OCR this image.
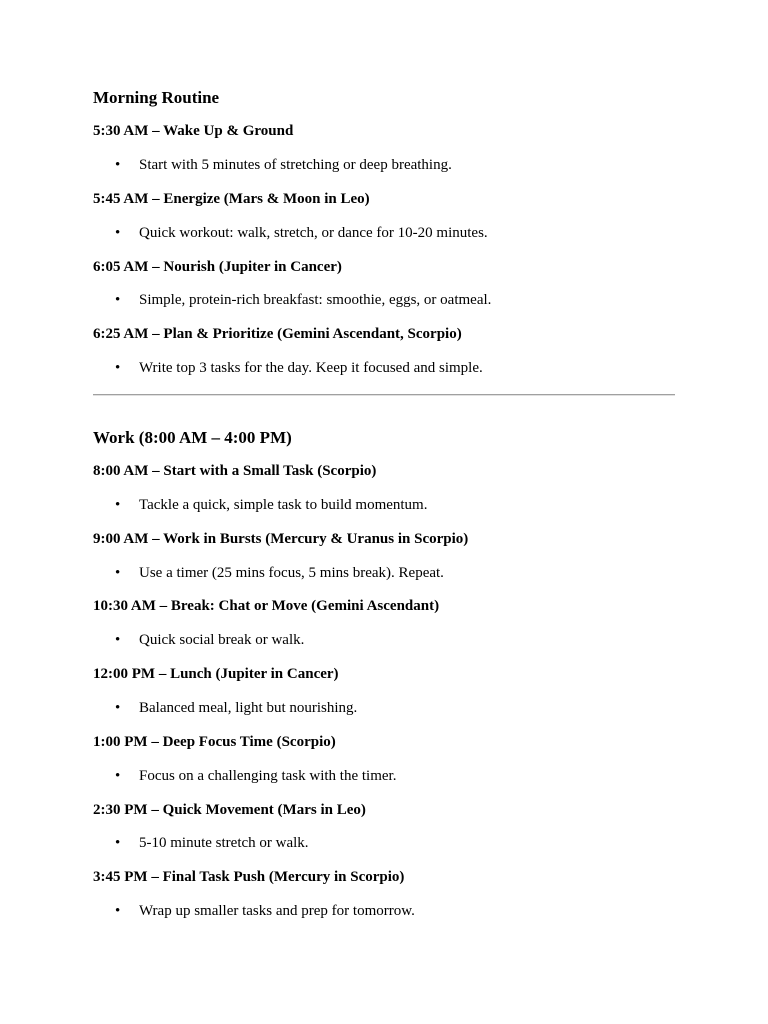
Morning Routine
5:30 AM – Wake Up & Ground
• Start with 5 minutes of stretching or deep breathing.
5:45 AM – Energize (Mars & Moon in Leo)
• Quick workout: walk, stretch, or dance for 10-20 minutes.
6:05 AM – Nourish (Jupiter in Cancer)
• Simple, protein-rich breakfast: smoothie, eggs, or oatmeal.
6:25 AM – Plan & Prioritize (Gemini Ascendant, Scorpio)
• Write top 3 tasks for the day. Keep it focused and simple.
Work (8:00 AM – 4:00 PM)
8:00 AM – Start with a Small Task (Scorpio)
• Tackle a quick, simple task to build momentum.
9:00 AM – Work in Bursts (Mercury & Uranus in Scorpio)
• Use a timer (25 mins focus, 5 mins break). Repeat.
10:30 AM – Break: Chat or Move (Gemini Ascendant)
• Quick social break or walk.
12:00 PM – Lunch (Jupiter in Cancer)
• Balanced meal, light but nourishing.
1:00 PM – Deep Focus Time (Scorpio)
• Focus on a challenging task with the timer.
2:30 PM – Quick Movement (Mars in Leo)
• 5-10 minute stretch or walk.
3:45 PM – Final Task Push (Mercury in Scorpio)
• Wrap up smaller tasks and prep for tomorrow.
